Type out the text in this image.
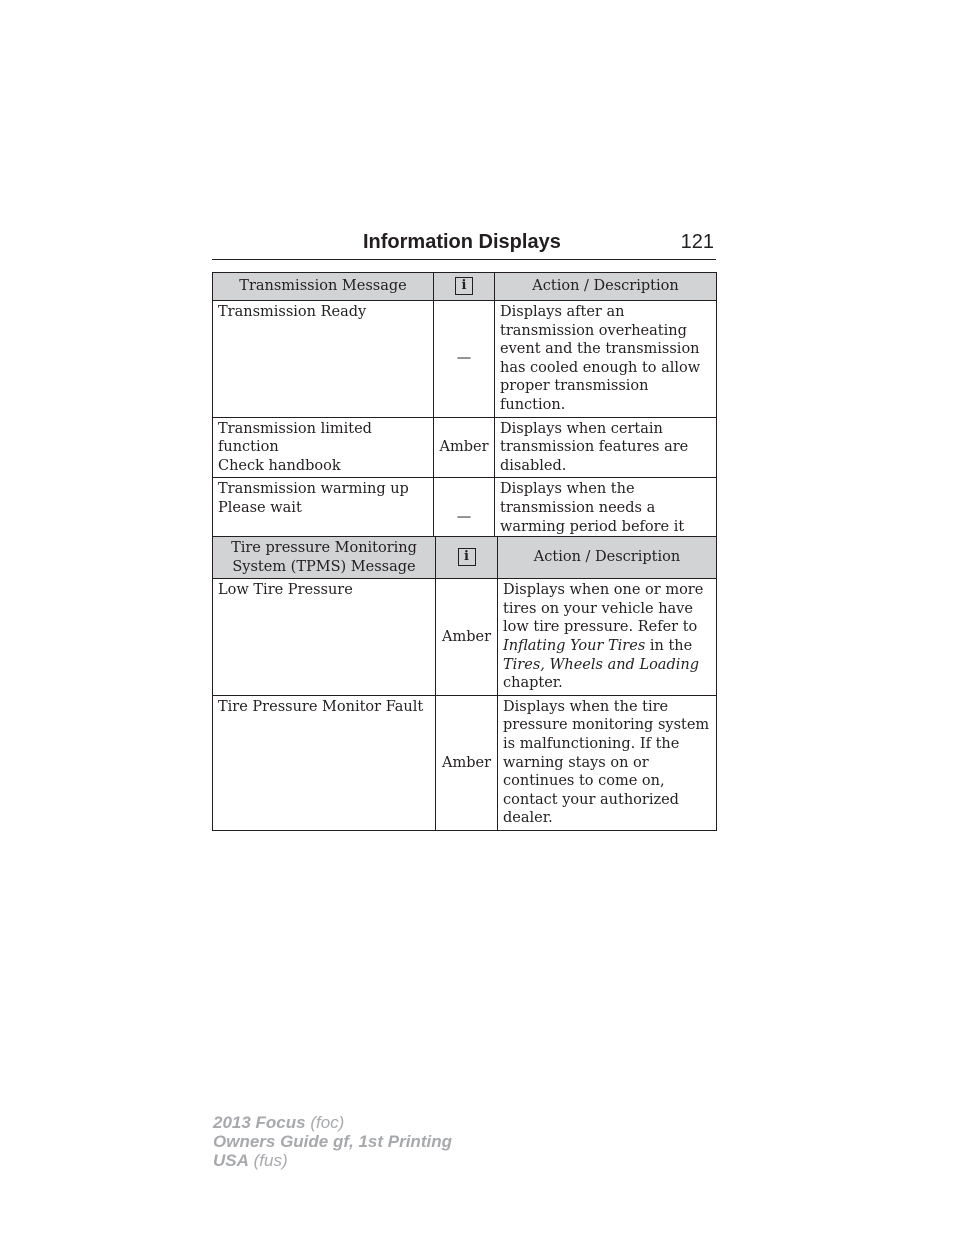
Information Displays	121
Transmission Message	i	Action / Description
Transmission Ready	—	Displays after an transmission overheating event and the transmission has cooled enough to allow proper transmission function.

Transmission limited function
Check handbook	Amber	Displays when certain transmission features are disabled.

Transmission warming up
Please wait	—	Displays when the transmission needs a warming period before it
Tire pressure Monitoring
System (TPMS) Message	i	Action / Description
Low Tire Pressure	Amber	Displays when one or more tires on your vehicle have low tire pressure. Refer to Inflating Your Tires in the Tires, Wheels and Loading chapter.
Tire Pressure Monitor Fault	Amber	Displays when the tire pressure monitoring system is malfunctioning. If the warning stays on or continues to come on, contact your authorized dealer.
2013 Focus (foc)
Owners Guide gf, 1st Printing
USA (fus)
